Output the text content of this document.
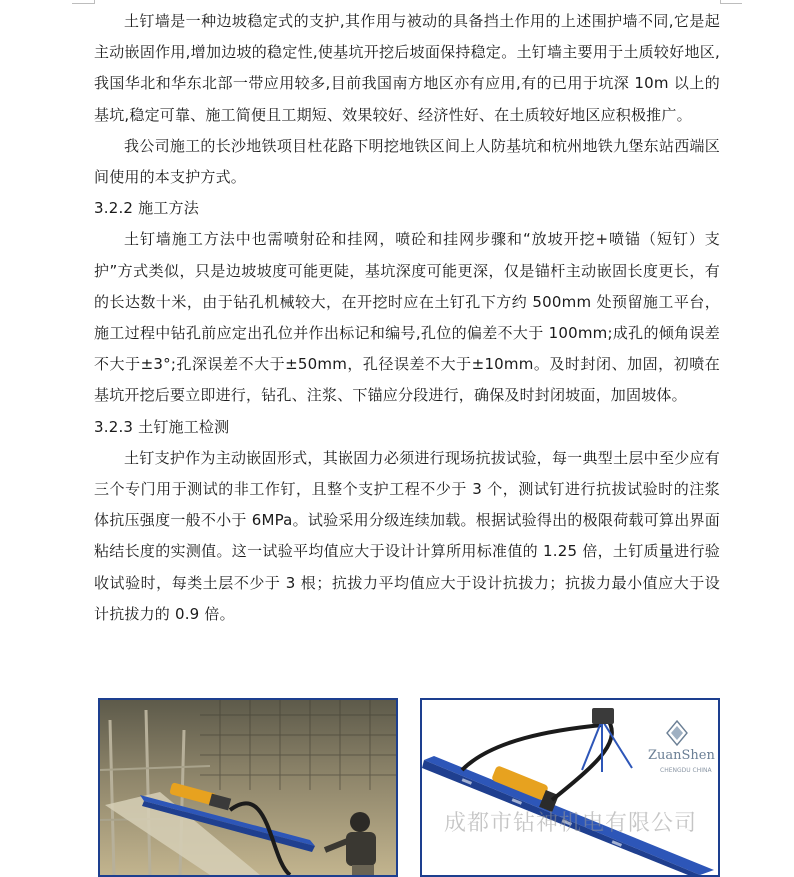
土钉墙是一种边坡稳定式的支护,其作用与被动的具备挡土作用的上述围护墙不同,它是起主动嵌固作用,增加边坡的稳定性,使基坑开挖后坡面保持稳定。土钉墙主要用于土质较好地区,我国华北和华东北部一带应用较多,目前我国南方地区亦有应用,有的已用于坑深 10m 以上的基坑,稳定可靠、施工简便且工期短、效果较好、经济性好、在土质较好地区应积极推广。

我公司施工的长沙地铁项目杜花路下明挖地铁区间上人防基坑和杭州地铁九堡东站西端区间使用的本支护方式。

3.2.2 施工方法

土钉墙施工方法中也需喷射砼和挂网，喷砼和挂网步骤和“放坡开挖+喷锚（短钉）支护”方式类似，只是边坡坡度可能更陡，基坑深度可能更深，仅是锚杆主动嵌固长度更长，有的长达数十米，由于钻孔机械较大，在开挖时应在土钉孔下方约 500mm 处预留施工平台，施工过程中钻孔前应定出孔位并作出标记和编号,孔位的偏差不大于 100mm;成孔的倾角误差不大于±3°;孔深误差不大于±50mm，孔径误差不大于±10mm。及时封闭、加固，初喷在基坑开挖后要立即进行，钻孔、注浆、下锚应分段进行，确保及时封闭坡面，加固坡体。

3.2.3 土钉施工检测

土钉支护作为主动嵌固形式，其嵌固力必须进行现场抗拔试验，每一典型土层中至少应有三个专门用于测试的非工作钉，且整个支护工程不少于 3 个，测试钉进行抗拔试验时的注浆体抗压强度一般不小于 6MPa。试验采用分级连续加载。根据试验得出的极限荷载可算出界面粘结长度的实测值。这一试验平均值应大于设计计算所用标准值的 1.25 倍，土钉质量进行验收试验时，每类土层不少于 3 根；抗拔力平均值应大于设计抗拔力；抗拔力最小值应大于设计抗拔力的 0.9 倍。

ZuanShen
CHENGDU CHINA
成都市钻神机电有限公司
